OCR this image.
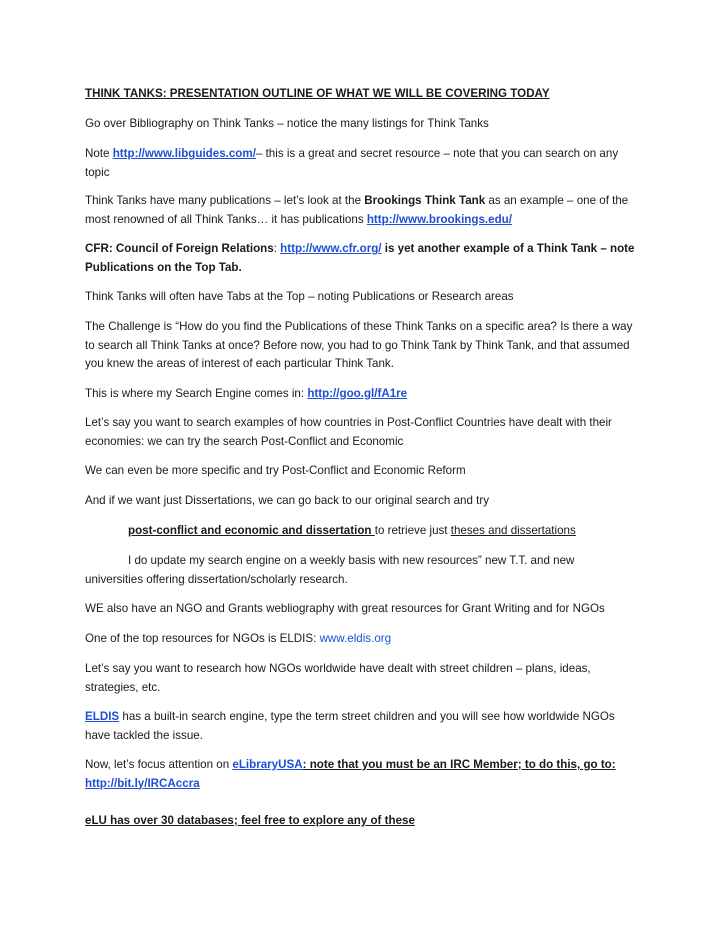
THINK TANKS: PRESENTATION OUTLINE OF WHAT WE WILL BE COVERING TODAY

Go over Bibliography on Think Tanks – notice the many listings for Think Tanks

Note http://www.libguides.com/– this is a great and secret resource – note that you can search on any topic

Think Tanks have many publications – let’s look at the Brookings Think Tank as an example – one of the most renowned of all Think Tanks… it has publications http://www.brookings.edu/

CFR: Council of Foreign Relations: http://www.cfr.org/ is yet another example of a Think Tank – note Publications on the Top Tab.

Think Tanks will often have Tabs at the Top – noting Publications or Research areas

The Challenge is “How do you find the Publications of these Think Tanks on a specific area? Is there a way to search all Think Tanks at once? Before now, you had to go Think Tank by Think Tank, and that assumed you knew the areas of interest of each particular Think Tank.

This is where my Search Engine comes in: http://goo.gl/fA1re

Let’s say you want to search examples of how countries in Post-Conflict Countries have dealt with their economies: we can try the search Post-Conflict and Economic

We can even be more specific and try Post-Conflict and Economic Reform

And if we want just Dissertations, we can go back to our original search and try

post-conflict and economic and dissertation to retrieve just theses and dissertations

I do update my search engine on a weekly basis with new resources” new T.T. and new universities offering dissertation/scholarly research.

WE also have an NGO and Grants webliography with great resources for Grant Writing and for NGOs

One of the top resources for NGOs is ELDIS: www.eldis.org

Let’s say you want to research how NGOs worldwide have dealt with street children – plans, ideas, strategies, etc.

ELDIS has a built-in search engine, type the term street children and you will see how worldwide NGOs have tackled the issue.

Now, let’s focus attention on eLibraryUSA: note that you must be an IRC Member; to do this, go to: http://bit.ly/IRCAccra

eLU has over 30 databases; feel free to explore any of these
